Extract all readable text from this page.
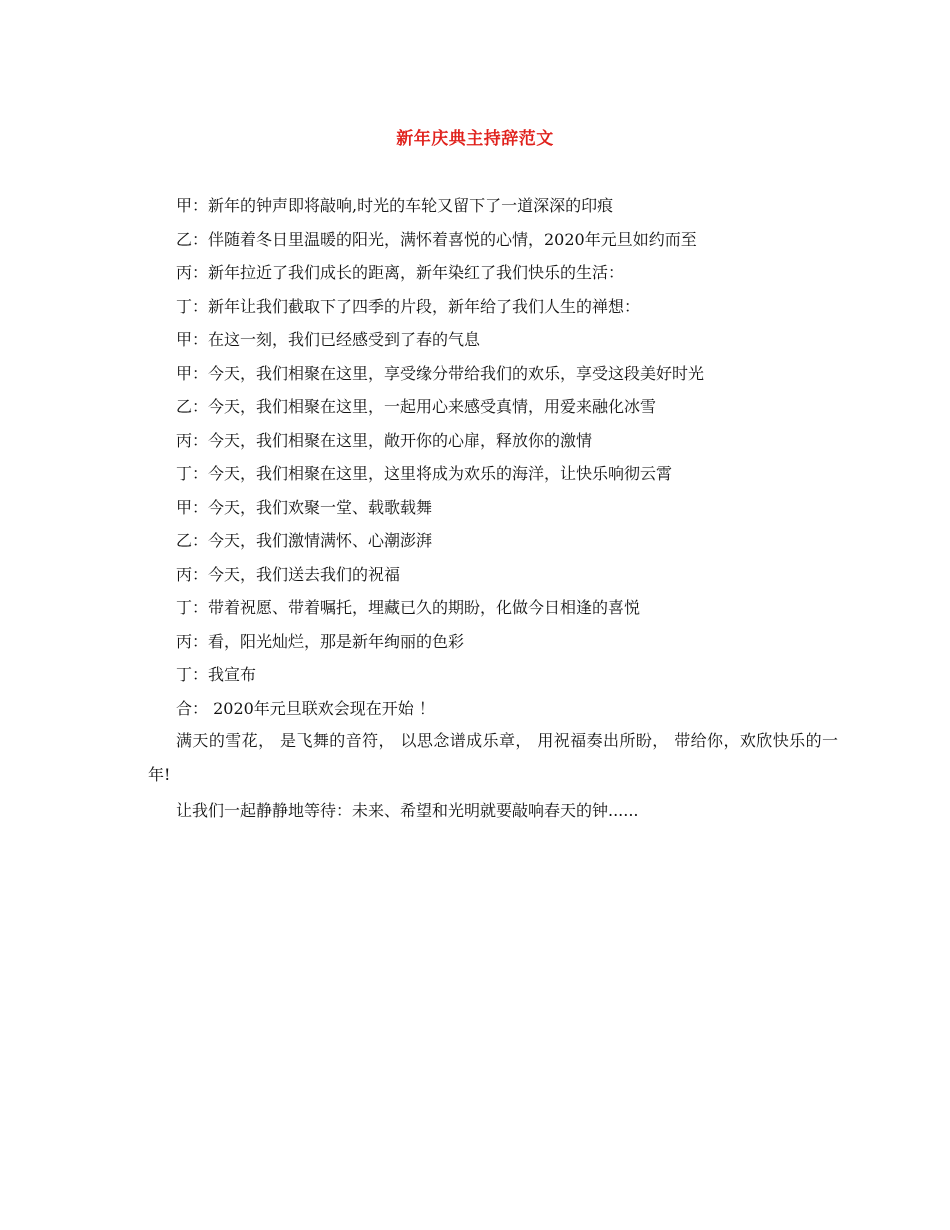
新年庆典主持辞范文
甲：新年的钟声即将敲响,时光的车轮又留下了一道深深的印痕
乙：伴随着冬日里温暖的阳光，满怀着喜悦的心情，2020年元旦如约而至
丙：新年拉近了我们成长的距离，新年染红了我们快乐的生活：
丁：新年让我们截取下了四季的片段，新年给了我们人生的禅想：
甲：在这一刻，我们已经感受到了春的气息
甲：今天，我们相聚在这里，享受缘分带给我们的欢乐，享受这段美好时光
乙：今天，我们相聚在这里，一起用心来感受真情，用爱来融化冰雪
丙：今天，我们相聚在这里，敞开你的心扉，释放你的激情
丁：今天，我们相聚在这里，这里将成为欢乐的海洋，让快乐响彻云霄
甲：今天，我们欢聚一堂、载歌载舞
乙：今天，我们激情满怀、心潮澎湃
丙：今天，我们送去我们的祝福
丁：带着祝愿、带着嘱托，埋藏已久的期盼，化做今日相逢的喜悦
丙：看，阳光灿烂，那是新年绚丽的色彩
丁：我宣布
合： 2020年元旦联欢会现在开始 ！
满天的雪花， 是飞舞的音符， 以思念谱成乐章， 用祝福奏出所盼， 带给你，欢欣快乐的一年!
让我们一起静静地等待：未来、希望和光明就要敲响春天的钟......
